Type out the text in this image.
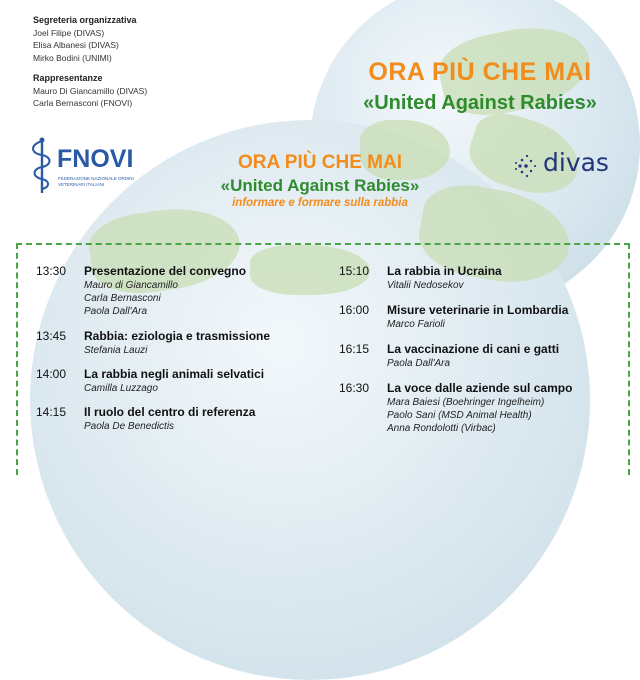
Segreteria organizzativa
Joel Filipe (DIVAS)
Elisa Albanesi (DIVAS)
Mirko Bodini (UNIMI)
Rappresentanze
Mauro Di Giancamillo (DIVAS)
Carla Bernasconi (FNOVI)
ORA PIÙ CHE MAI
«United Against Rabies»
FNOVI
FEDERAZIONE NAZIONALE ORDINI VETERINARI ITALIANI
divas
ORA PIÙ CHE MAI
«United Against Rabies»
informare e formare sulla rabbia
13:30	Presentazione del convegno
Mauro di Giancamillo
Carla Bernasconi
Paola Dall'Ara
13:45	Rabbia: eziologia e trasmissione
Stefania Lauzi
14:00	La rabbia negli animali selvatici
Camilla Luzzago
14:15	Il ruolo del centro di referenza
Paola De Benedictis
15:10	La rabbia in Ucraina
Vitalii Nedosekov
16:00	Misure veterinarie in Lombardia
Marco Farioli
16:15	La vaccinazione di cani e gatti
Paola Dall'Ara
16:30	La voce dalle aziende sul campo
Mara Baiesi (Boehringer Ingelheim)
Paolo Sani (MSD Animal Health)
Anna Rondolotti (Virbac)
